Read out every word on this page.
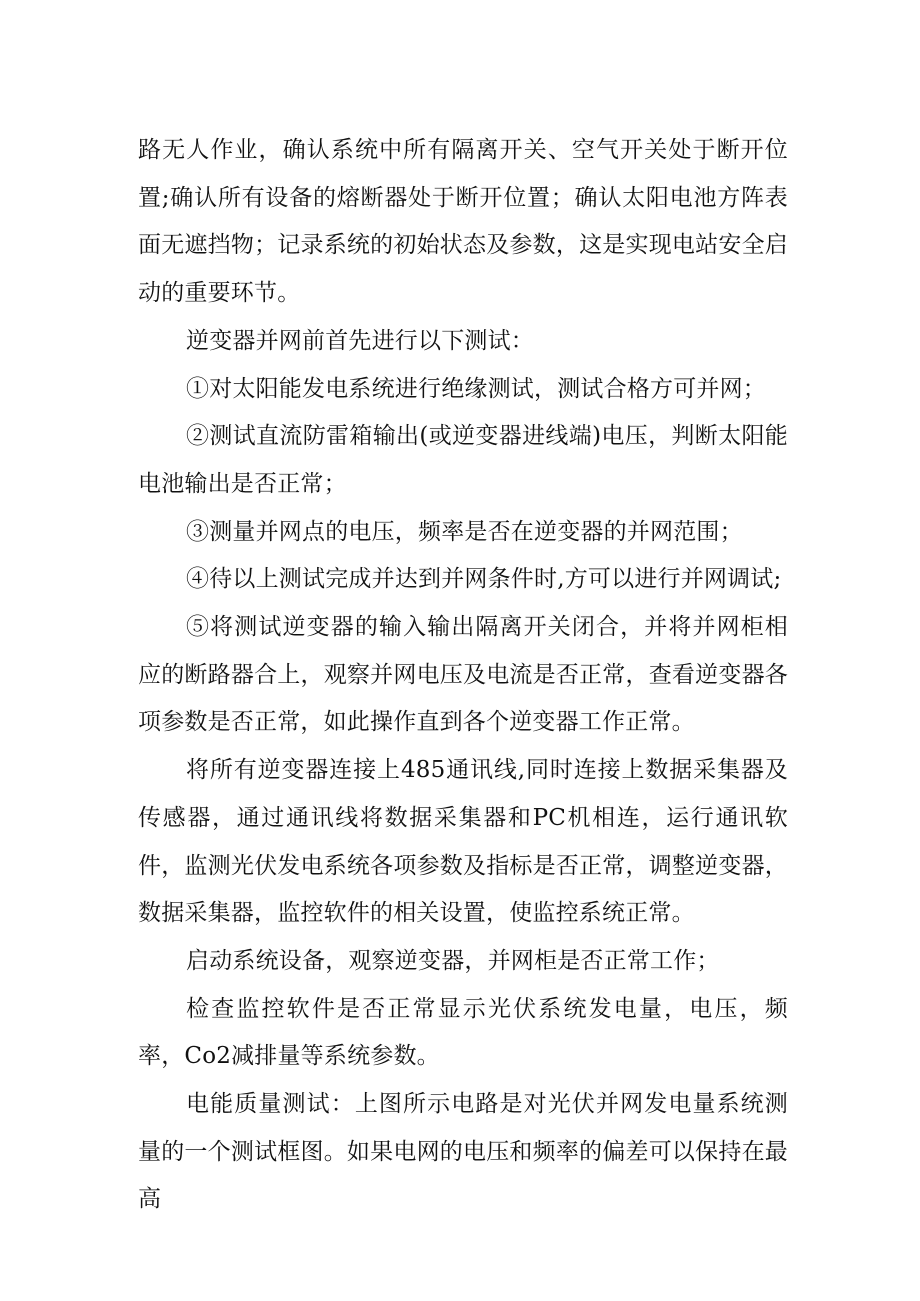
路无人作业，确认系统中所有隔离开关、空气开关处于断开位置;确认所有设备的熔断器处于断开位置；确认太阳电池方阵表面无遮挡物；记录系统的初始状态及参数，这是实现电站安全启动的重要环节。

逆变器并网前首先进行以下测试：

①对太阳能发电系统进行绝缘测试，测试合格方可并网；

②测试直流防雷箱输出(或逆变器进线端)电压，判断太阳能电池输出是否正常；

③测量并网点的电压，频率是否在逆变器的并网范围；

④待以上测试完成并达到并网条件时,方可以进行并网调试;

⑤将测试逆变器的输入输出隔离开关闭合，并将并网柜相应的断路器合上，观察并网电压及电流是否正常，查看逆变器各项参数是否正常，如此操作直到各个逆变器工作正常。

将所有逆变器连接上485通讯线,同时连接上数据采集器及传感器，通过通讯线将数据采集器和PC机相连，运行通讯软件，监测光伏发电系统各项参数及指标是否正常，调整逆变器，数据采集器，监控软件的相关设置，使监控系统正常。

启动系统设备，观察逆变器，并网柜是否正常工作；

检查监控软件是否正常显示光伏系统发电量，电压，频率，Co2减排量等系统参数。

电能质量测试：上图所示电路是对光伏并网发电量系统测量的一个测试框图。如果电网的电压和频率的偏差可以保持在最高
